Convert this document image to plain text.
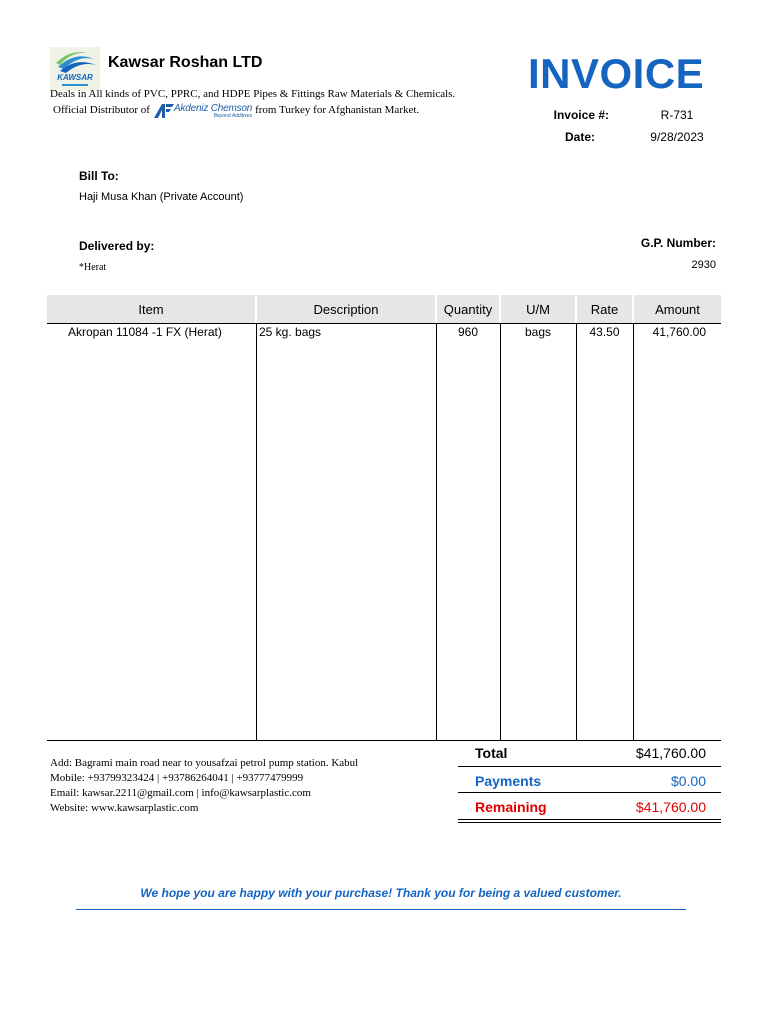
KAWSAR
Kawsar Roshan LTD
Deals in All kinds of PVC, PPRC, and HDPE Pipes & Fittings Raw Materials & Chemicals.
Official Distributor of Akdeniz Chemson
Beyond Additives from Turkey for Afghanistan Market.
INVOICE
Invoice #:	R-731
Date:	9/28/2023
Bill To:
Haji Musa Khan (Private Account)
Delivered by:
*Herat
G.P. Number:
2930
Item	Description	Quantity	U/M	Rate	Amount
Akropan 11084 -1 FX (Herat)	25 kg. bags	960	bags	43.50	41,760.00
Add: Bagrami main road near to yousafzai petrol pump station. Kabul
Mobile: +93799323424 | +93786264041 | +93777479999
Email: kawsar.2211@gmail.com | info@kawsarplastic.com
Website: www.kawsarplastic.com
Total	$41,760.00
Payments	$0.00
Remaining	$41,760.00
We hope you are happy with your purchase! Thank you for being a valued customer.
